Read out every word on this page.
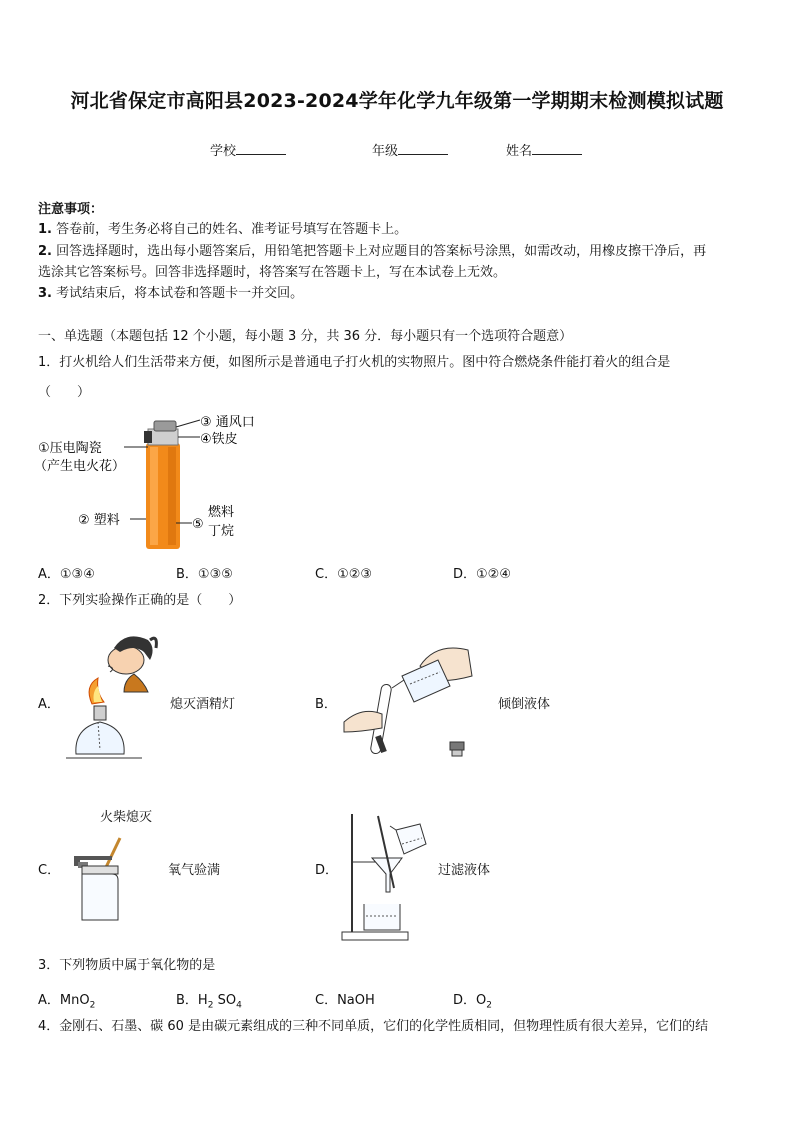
河北省保定市高阳县2023-2024学年化学九年级第一学期期末检测模拟试题
学校	年级	姓名
注意事项：
1. 答卷前，考生务必将自己的姓名、准考证号填写在答题卡上。
2. 回答选择题时，选出每小题答案后，用铅笔把答题卡上对应题目的答案标号涂黑，如需改动，用橡皮擦干净后，再
选涂其它答案标号。回答非选择题时，将答案写在答题卡上，写在本试卷上无效。
3. 考试结束后，将本试卷和答题卡一并交回。
一、单选题（本题包括 12 个小题，每小题 3 分，共 36 分．每小题只有一个选项符合题意）
1．打火机给人们生活带来方便，如图所示是普通电子打火机的实物照片。图中符合燃烧条件能打着火的组合是
（　　）
③ 通风口
④铁皮
①压电陶瓷
（产生电火花）
② 塑料	⑤
燃料
丁烷
A．①③④	B．①③⑤	C．①②③	D．①②④
2．下列实验操作正确的是（　　）
A．	熄灭酒精灯	B．	倾倒液体
火柴熄灭
C．	氧气验满	D．	过滤液体
3．下列物质中属于氧化物的是
A．MnO$_2$	B．$H_2$ $SO_4$	C．NaOH	D．$O_2$
4．金刚石、石墨、碳 60 是由碳元素组成的三种不同单质，它们的化学性质相同，但物理性质有很大差异，它们的结
